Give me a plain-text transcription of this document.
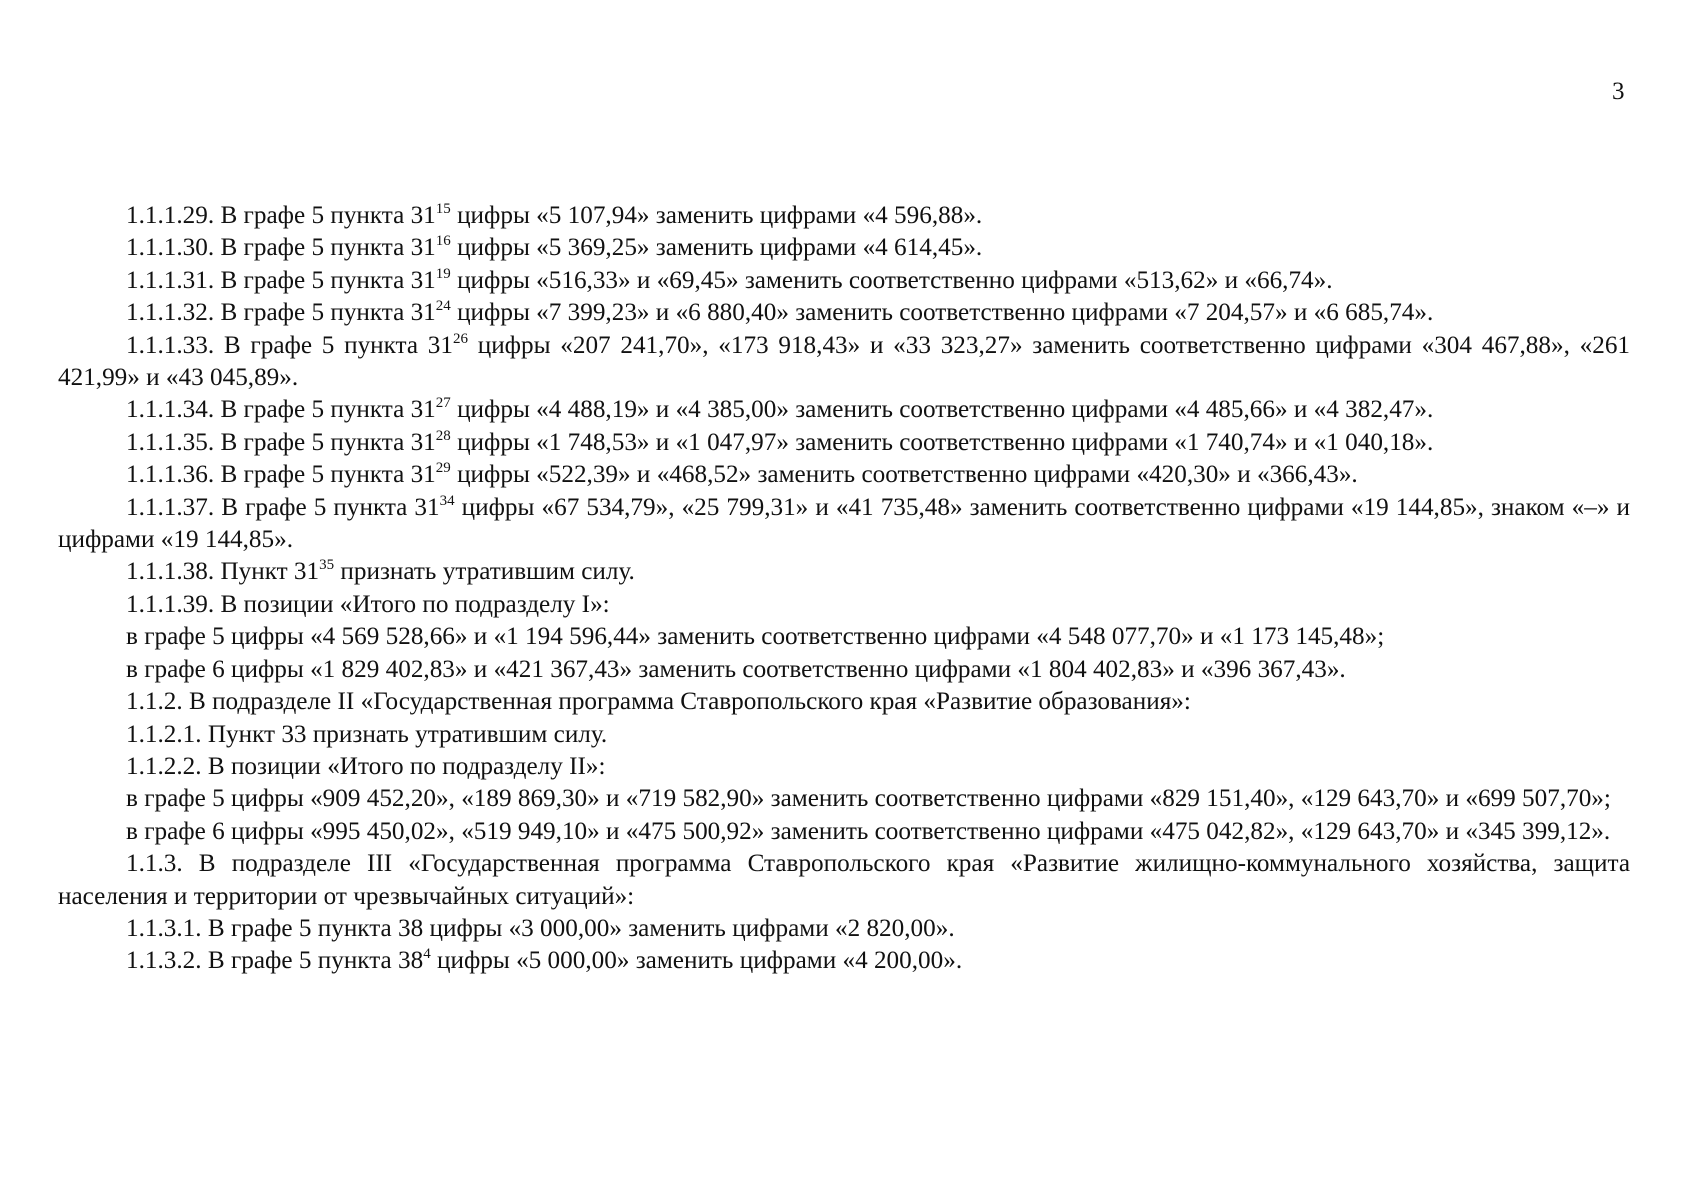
3

1.1.1.29. В графе 5 пункта $31^{15}$ цифры «5 107,94» заменить цифрами «4 596,88».

1.1.1.30. В графе 5 пункта $31^{16}$ цифры «5 369,25» заменить цифрами «4 614,45».

1.1.1.31. В графе 5 пункта $31^{19}$ цифры «516,33» и «69,45» заменить соответственно цифрами «513,62» и «66,74».

1.1.1.32. В графе 5 пункта $31^{24}$ цифры «7 399,23» и «6 880,40» заменить соответственно цифрами «7 204,57» и «6 685,74».

1.1.1.33. В графе 5 пункта $31^{26}$ цифры «207 241,70», «173 918,43» и «33 323,27» заменить соответственно цифрами «304 467,88», «261 421,99» и «43 045,89».

1.1.1.34. В графе 5 пункта $31^{27}$ цифры «4 488,19» и «4 385,00» заменить соответственно цифрами «4 485,66» и «4 382,47».

1.1.1.35. В графе 5 пункта $31^{28}$ цифры «1 748,53» и «1 047,97» заменить соответственно цифрами «1 740,74» и «1 040,18».

1.1.1.36. В графе 5 пункта $31^{29}$ цифры «522,39» и «468,52» заменить соответственно цифрами «420,30» и «366,43».

1.1.1.37. В графе 5 пункта $31^{34}$ цифры «67 534,79», «25 799,31» и «41 735,48» заменить соответственно цифрами «19 144,85», знаком «–» и цифрами «19 144,85».

1.1.1.38. Пункт $31^{35}$ признать утратившим силу.

1.1.1.39. В позиции «Итого по подразделу I»:

в графе 5 цифры «4 569 528,66» и «1 194 596,44» заменить соответственно цифрами «4 548 077,70» и «1 173 145,48»;

в графе 6 цифры «1 829 402,83» и «421 367,43» заменить соответственно цифрами «1 804 402,83» и «396 367,43».

1.1.2. В подразделе II «Государственная программа Ставропольского края «Развитие образования»:

1.1.2.1. Пункт 33 признать утратившим силу.

1.1.2.2. В позиции «Итого по подразделу II»:

в графе 5 цифры «909 452,20», «189 869,30» и «719 582,90» заменить соответственно цифрами «829 151,40», «129 643,70» и «699 507,70»;

в графе 6 цифры «995 450,02», «519 949,10» и «475 500,92» заменить соответственно цифрами «475 042,82», «129 643,70» и «345 399,12».

1.1.3. В подразделе III «Государственная программа Ставропольского края «Развитие жилищно-коммунального хозяйства, защита населения и территории от чрезвычайных ситуаций»:

1.1.3.1. В графе 5 пункта 38 цифры «3 000,00» заменить цифрами «2 820,00».

1.1.3.2. В графе 5 пункта $38^4$ цифры «5 000,00» заменить цифрами «4 200,00».
